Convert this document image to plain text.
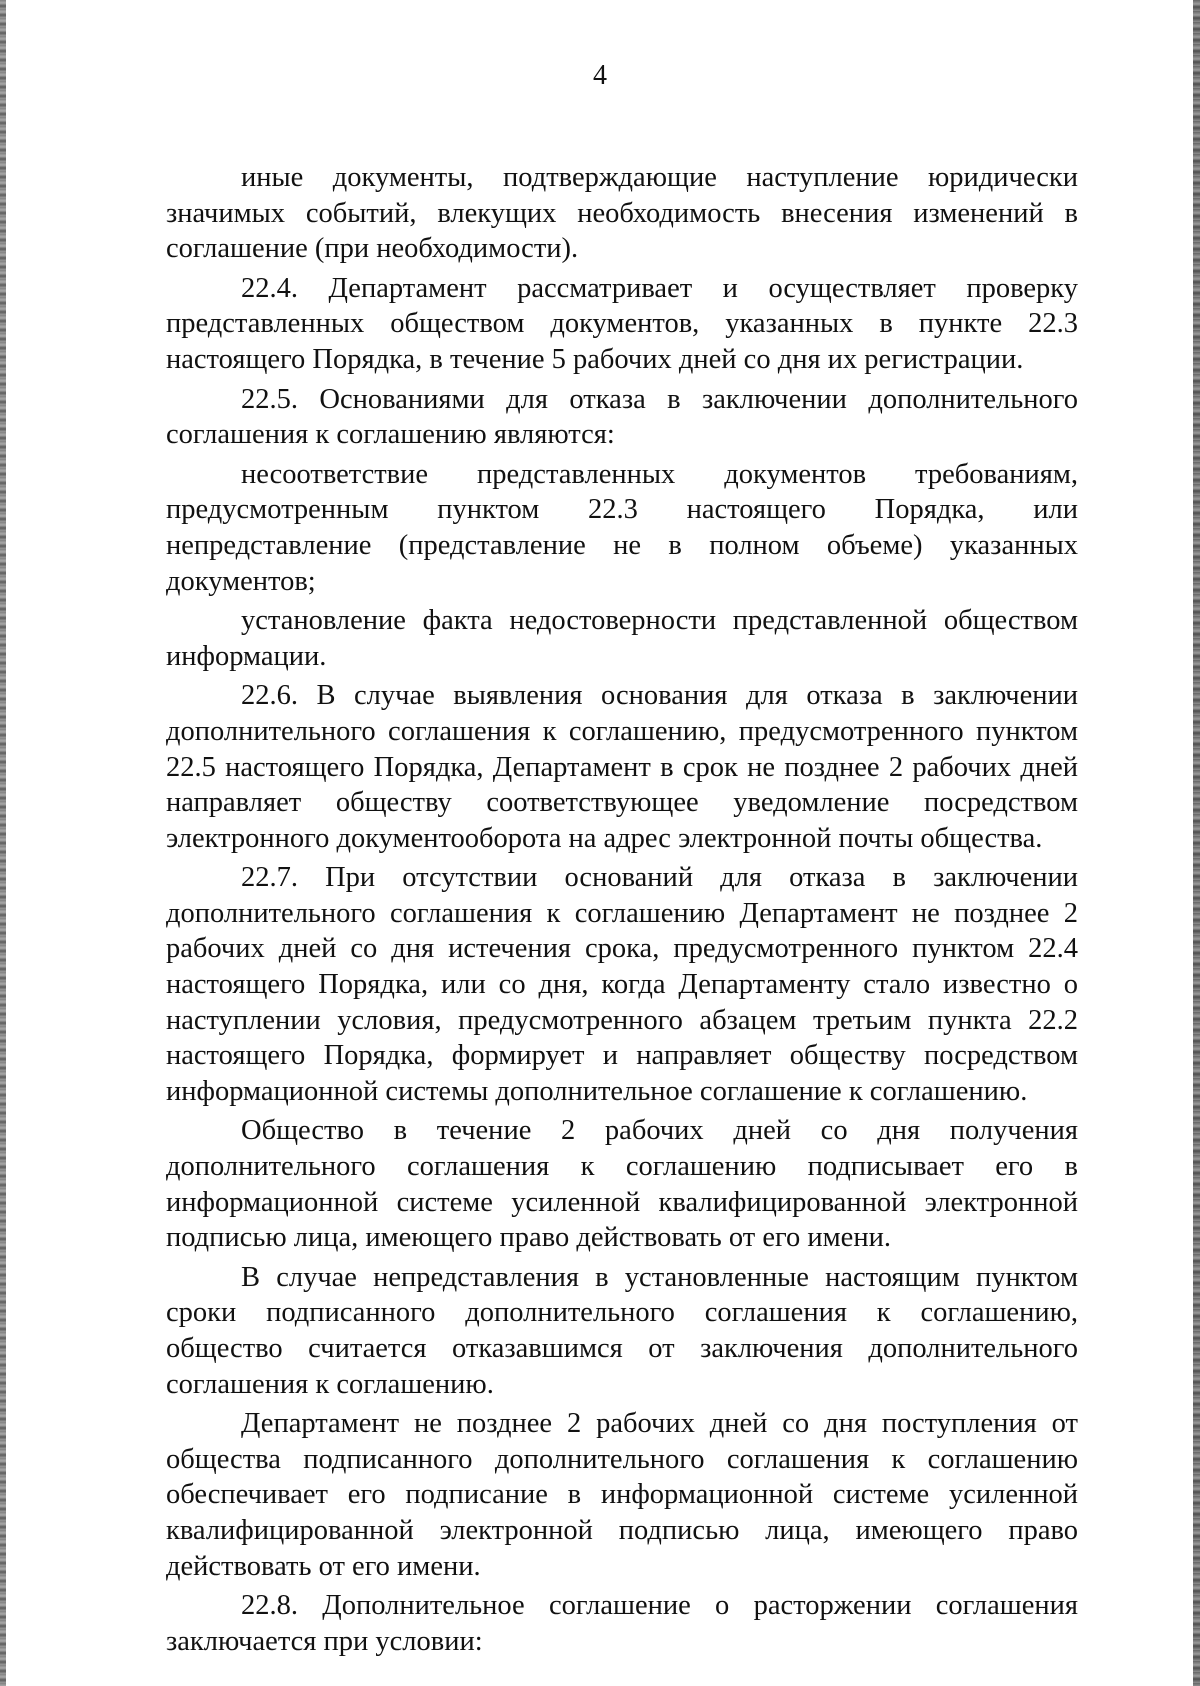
4

иные документы, подтверждающие наступление юридически значимых событий, влекущих необходимость внесения изменений в соглашение (при необходимости).

22.4. Департамент рассматривает и осуществляет проверку представленных обществом документов, указанных в пункте 22.3 настоящего Порядка, в течение 5 рабочих дней со дня их регистрации.

22.5. Основаниями для отказа в заключении дополнительного соглашения к соглашению являются:

несоответствие представленных документов требованиям, предусмотренным пунктом 22.3 настоящего Порядка, или непредставление (представление не в полном объеме) указанных документов;

установление факта недостоверности представленной обществом информации.

22.6. В случае выявления основания для отказа в заключении дополнительного соглашения к соглашению, предусмотренного пунктом 22.5 настоящего Порядка, Департамент в срок не позднее 2 рабочих дней направляет обществу соответствующее уведомление посредством электронного документооборота на адрес электронной почты общества.

22.7. При отсутствии оснований для отказа в заключении дополнительного соглашения к соглашению Департамент не позднее 2 рабочих дней со дня истечения срока, предусмотренного пунктом 22.4 настоящего Порядка, или со дня, когда Департаменту стало известно о наступлении условия, предусмотренного абзацем третьим пункта 22.2 настоящего Порядка, формирует и направляет обществу посредством информационной системы дополнительное соглашение к соглашению.

Общество в течение 2 рабочих дней со дня получения дополнительного соглашения к соглашению подписывает его в информационной системе усиленной квалифицированной электронной подписью лица, имеющего право действовать от его имени.

В случае непредставления в установленные настоящим пунктом сроки подписанного дополнительного соглашения к соглашению, общество считается отказавшимся от заключения дополнительного соглашения к соглашению.

Департамент не позднее 2 рабочих дней со дня поступления от общества подписанного дополнительного соглашения к соглашению обеспечивает его подписание в информационной системе усиленной квалифицированной электронной подписью лица, имеющего право действовать от его имени.

22.8. Дополнительное соглашение о расторжении соглашения заключается при условии:
